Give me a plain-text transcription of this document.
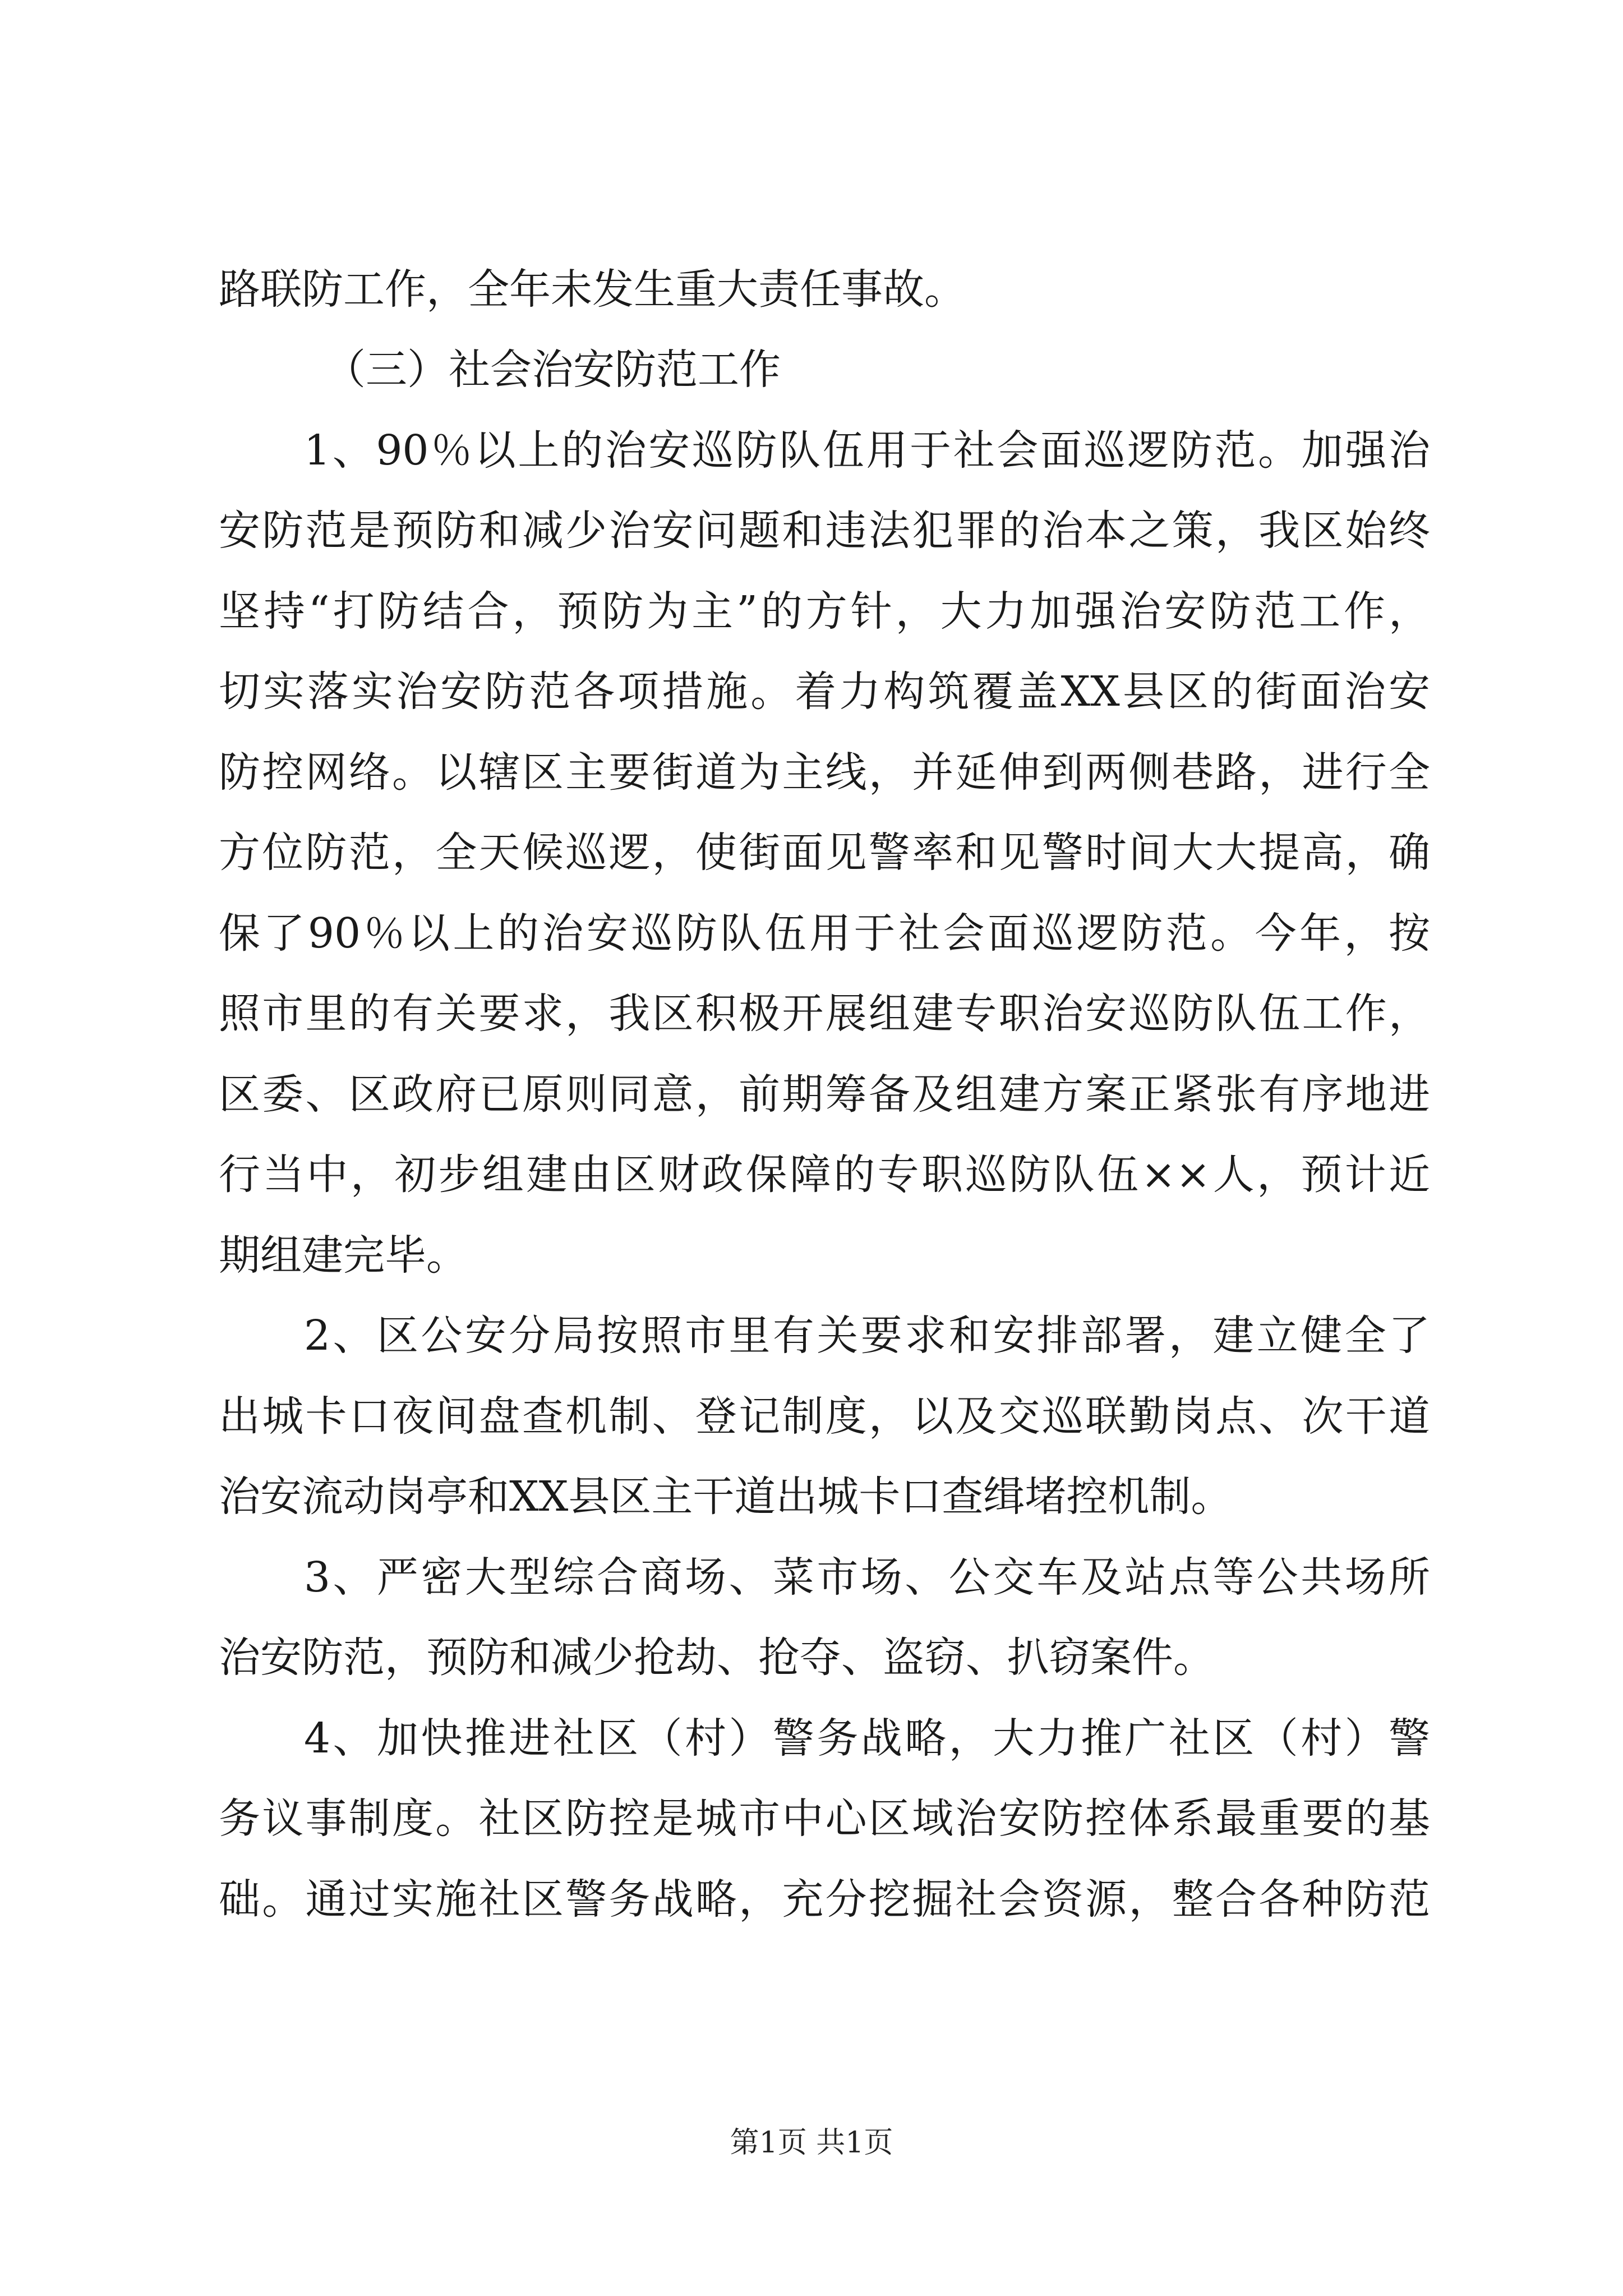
路联防工作，全年未发生重大责任事故。
（三）社会治安防范工作
1、90％以上的治安巡防队伍用于社会面巡逻防范。加强治
安防范是预防和减少治安问题和违法犯罪的治本之策，我区始终
坚持“打防结合，预防为主”的方针，大力加强治安防范工作，
切实落实治安防范各项措施。着力构筑覆盖XX县区的街面治安
防控网络。以辖区主要街道为主线，并延伸到两侧巷路，进行全
方位防范，全天候巡逻，使街面见警率和见警时间大大提高，确
保了90％以上的治安巡防队伍用于社会面巡逻防范。今年，按
照市里的有关要求，我区积极开展组建专职治安巡防队伍工作，
区委、区政府已原则同意，前期筹备及组建方案正紧张有序地进
行当中，初步组建由区财政保障的专职巡防队伍××人，预计近
期组建完毕。
2、区公安分局按照市里有关要求和安排部署，建立健全了
出城卡口夜间盘查机制、登记制度，以及交巡联勤岗点、次干道
治安流动岗亭和XX县区主干道出城卡口查缉堵控机制。
3、严密大型综合商场、菜市场、公交车及站点等公共场所
治安防范，预防和减少抢劫、抢夺、盗窃、扒窃案件。
4、加快推进社区（村）警务战略，大力推广社区（村）警
务议事制度。社区防控是城市中心区域治安防控体系最重要的基
础。通过实施社区警务战略，充分挖掘社会资源，整合各种防范
第1页 共1页
